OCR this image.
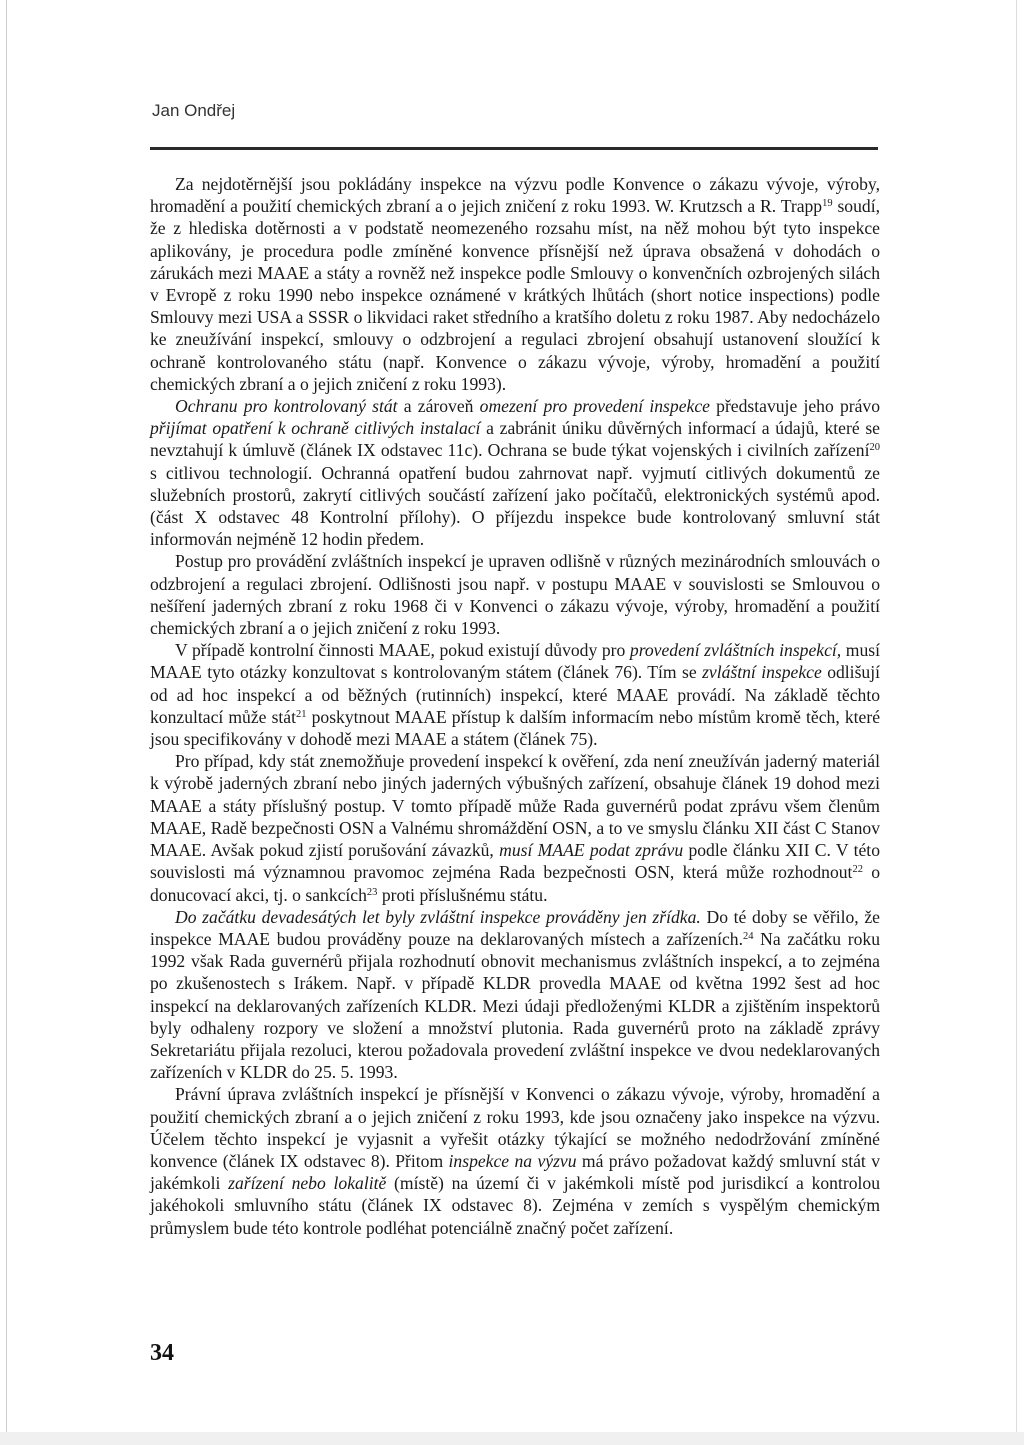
Jan Ondřej

Za nejdotěrnější jsou pokládány inspekce na výzvu podle Konvence o zákazu vývoje, výroby, hromadění a použití chemických zbraní a o jejich zničení z roku 1993. W. Krutzsch a R. Trapp$^{19}$ soudí, že z hlediska dotěrnosti a v podstatě neomezeného rozsahu míst, na něž mohou být tyto inspekce aplikovány, je procedura podle zmíněné konvence přísnější než úprava obsažená v dohodách o zárukách mezi MAAE a státy a rovněž než inspekce podle Smlouvy o konvenčních ozbrojených silách v Evropě z roku 1990 nebo inspekce oznámené v krátkých lhůtách (short notice inspections) podle Smlouvy mezi USA a SSSR o likvidaci raket středního a kratšího doletu z roku 1987. Aby nedocházelo ke zneužívání inspekcí, smlouvy o odzbrojení a regulaci zbrojení obsahují ustanovení sloužící k ochraně kontrolovaného státu (např. Konvence o zákazu vývoje, výroby, hromadění a použití chemických zbraní a o jejich zničení z roku 1993).

Ochranu pro kontrolovaný stát a zároveň omezení pro provedení inspekce představuje jeho právo přijímat opatření k ochraně citlivých instalací a zabránit úniku důvěrných informací a údajů, které se nevztahují k úmluvě (článek IX odstavec 11c). Ochrana se bude týkat vojenských i civilních zařízení$^{20}$ s citlivou technologií. Ochranná opatření budou zahrnovat např. vyjmutí citlivých dokumentů ze služebních prostorů, zakrytí citlivých součástí zařízení jako počítačů, elektronických systémů apod. (část X odstavec 48 Kontrolní přílohy). O příjezdu inspekce bude kontrolovaný smluvní stát informován nejméně 12 hodin předem.

Postup pro provádění zvláštních inspekcí je upraven odlišně v různých mezinárodních smlouvách o odzbrojení a regulaci zbrojení. Odlišnosti jsou např. v postupu MAAE v souvislosti se Smlouvou o nešíření jaderných zbraní z roku 1968 či v Konvenci o zákazu vývoje, výroby, hromadění a použití chemických zbraní a o jejich zničení z roku 1993.

V případě kontrolní činnosti MAAE, pokud existují důvody pro provedení zvláštních inspekcí, musí MAAE tyto otázky konzultovat s kontrolovaným státem (článek 76). Tím se zvláštní inspekce odlišují od ad hoc inspekcí a od běžných (rutinních) inspekcí, které MAAE provádí. Na základě těchto konzultací může stát$^{21}$ poskytnout MAAE přístup k dalším informacím nebo místům kromě těch, které jsou specifikovány v dohodě mezi MAAE a státem (článek 75).

Pro případ, kdy stát znemožňuje provedení inspekcí k ověření, zda není zneužíván jaderný materiál k výrobě jaderných zbraní nebo jiných jaderných výbušných zařízení, obsahuje článek 19 dohod mezi MAAE a státy příslušný postup. V tomto případě může Rada guvernérů podat zprávu všem členům MAAE, Radě bezpečnosti OSN a Valnému shromáždění OSN, a to ve smyslu článku XII část C Stanov MAAE. Avšak pokud zjistí porušování závazků, musí MAAE podat zprávu podle článku XII C. V této souvislosti má významnou pravomoc zejména Rada bezpečnosti OSN, která může rozhodnout$^{22}$ o donucovací akci, tj. o sankcích$^{23}$ proti příslušnému státu.

Do začátku devadesátých let byly zvláštní inspekce prováděny jen zřídka. Do té doby se věřilo, že inspekce MAAE budou prováděny pouze na deklarovaných místech a zařízeních.$^{24}$ Na začátku roku 1992 však Rada guvernérů přijala rozhodnutí obnovit mechanismus zvláštních inspekcí, a to zejména po zkušenostech s Irákem. Např. v případě KLDR provedla MAAE od května 1992 šest ad hoc inspekcí na deklarovaných zařízeních KLDR. Mezi údaji předloženými KLDR a zjištěním inspektorů byly odhaleny rozpory ve složení a množství plutonia. Rada guvernérů proto na základě zprávy Sekretariátu přijala rezoluci, kterou požadovala provedení zvláštní inspekce ve dvou nedeklarovaných zařízeních v KLDR do 25. 5. 1993.

Právní úprava zvláštních inspekcí je přísnější v Konvenci o zákazu vývoje, výroby, hromadění a použití chemických zbraní a o jejich zničení z roku 1993, kde jsou označeny jako inspekce na výzvu. Účelem těchto inspekcí je vyjasnit a vyřešit otázky týkající se možného nedodržování zmíněné konvence (článek IX odstavec 8). Přitom inspekce na výzvu má právo požadovat každý smluvní stát v jakémkoli zařízení nebo lokalitě (místě) na území či v jakémkoli místě pod jurisdikcí a kontrolou jakéhokoli smluvního státu (článek IX odstavec 8). Zejména v zemích s vyspělým chemickým průmyslem bude této kontrole podléhat potenciálně značný počet zařízení.

34
